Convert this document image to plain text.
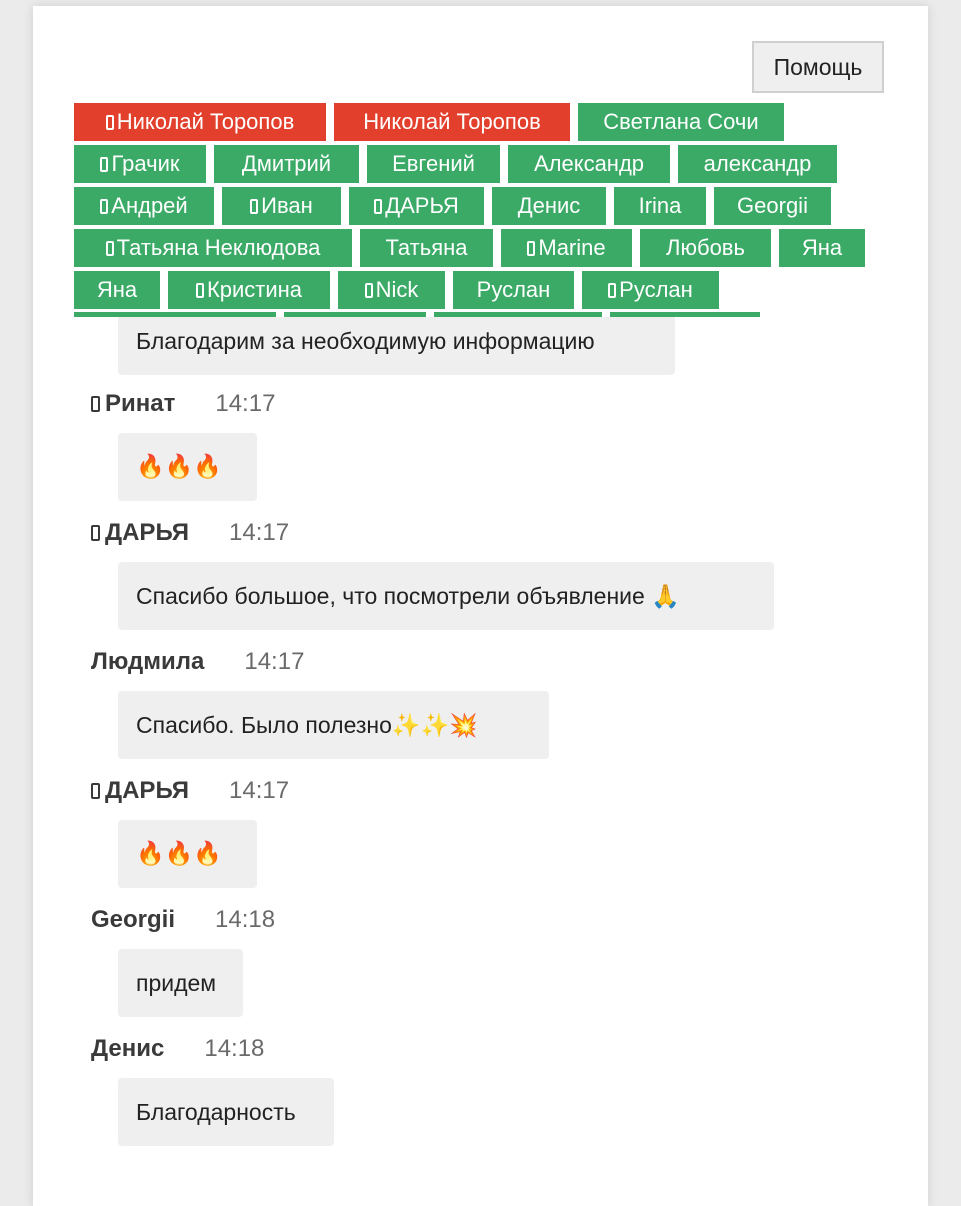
Помощь
Николай Торопов	Николай Торопов	Светлана Сочи
Грачик	Дмитрий	Евгений	Александр	александр
Андрей	Иван	ДАРЬЯ	Денис	Irina	Georgii
Татьяна Неклюдова	Татьяна	Marine	Любовь	Яна
Яна	Кристина	Nick	Руслан	Руслан
Благодарим за необходимую информацию
Ринат 14:17
🔥🔥🔥
ДАРЬЯ 14:17
Спасибо большое, что посмотрели объявление 🙏
Людмила 14:17
Спасибо. Было полезно✨✨💥
ДАРЬЯ 14:17
🔥🔥🔥
Georgii 14:18
придем
Денис 14:18
Благодарность
